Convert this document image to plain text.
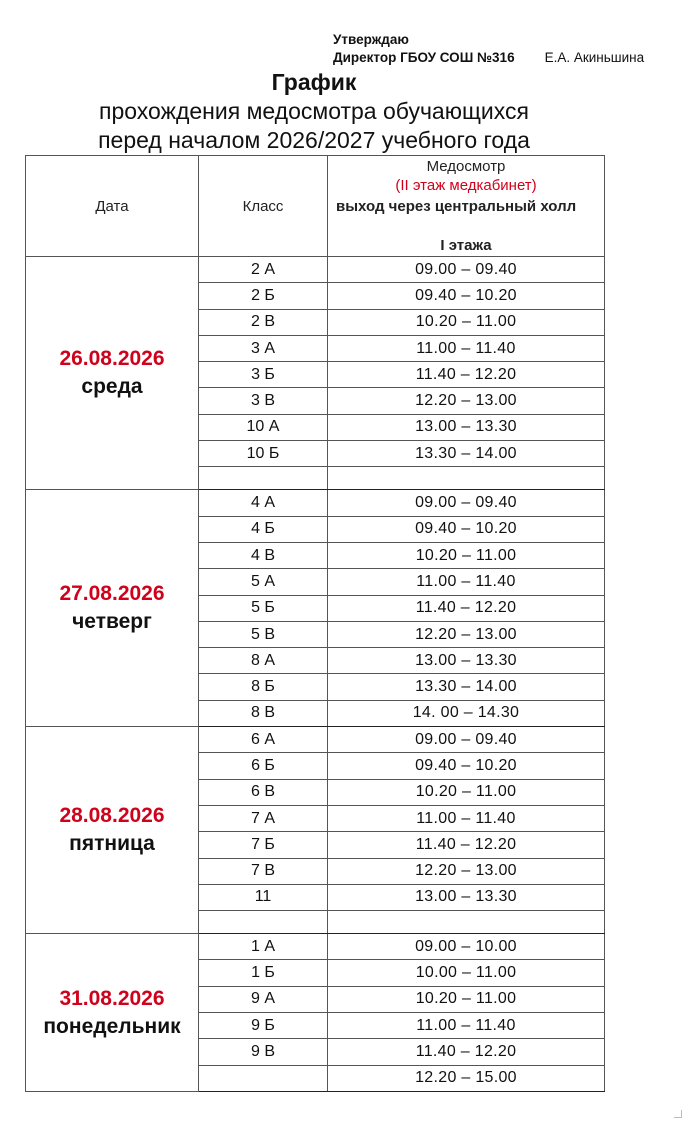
Утверждаю
Директор ГБОУ СОШ №316 Е.А. Акиньшина
График
прохождения медосмотра обучающихся
перед началом 2026/2027 учебного года
Дата	Класс	Медосмотр
(II этаж медкабинет)
выход через центральный холл
I этажа

26.08.2026
среда	2 А	09.00 – 09.40
	2 Б	09.40 – 10.20
	2 В	10.20 – 11.00
	3 А	11.00 – 11.40
	3 Б	11.40 – 12.20
	3 В	12.20 – 13.00
	10 А	13.00 – 13.30
	10 Б	13.30 – 14.00

27.08.2026
четверг	4 А	09.00 – 09.40
	4 Б	09.40 – 10.20
	4 В	10.20 – 11.00
	5 А	11.00 – 11.40
	5 Б	11.40 – 12.20
	5 В	12.20 – 13.00
	8 А	13.00 – 13.30
	8 Б	13.30 – 14.00
	8 В	14. 00 – 14.30

28.08.2026
пятница	6 А	09.00 – 09.40
	6 Б	09.40 – 10.20
	6 В	10.20 – 11.00
	7 А	11.00 – 11.40
	7 Б	11.40 – 12.20
	7 В	12.20 – 13.00
	11	13.00 – 13.30

31.08.2026
понедельник	1 А	09.00 – 10.00
	1 Б	10.00 – 11.00
	9 А	10.20 – 11.00
	9 Б	11.00 – 11.40
	9 В	11.40 – 12.20
		12.20 – 15.00
